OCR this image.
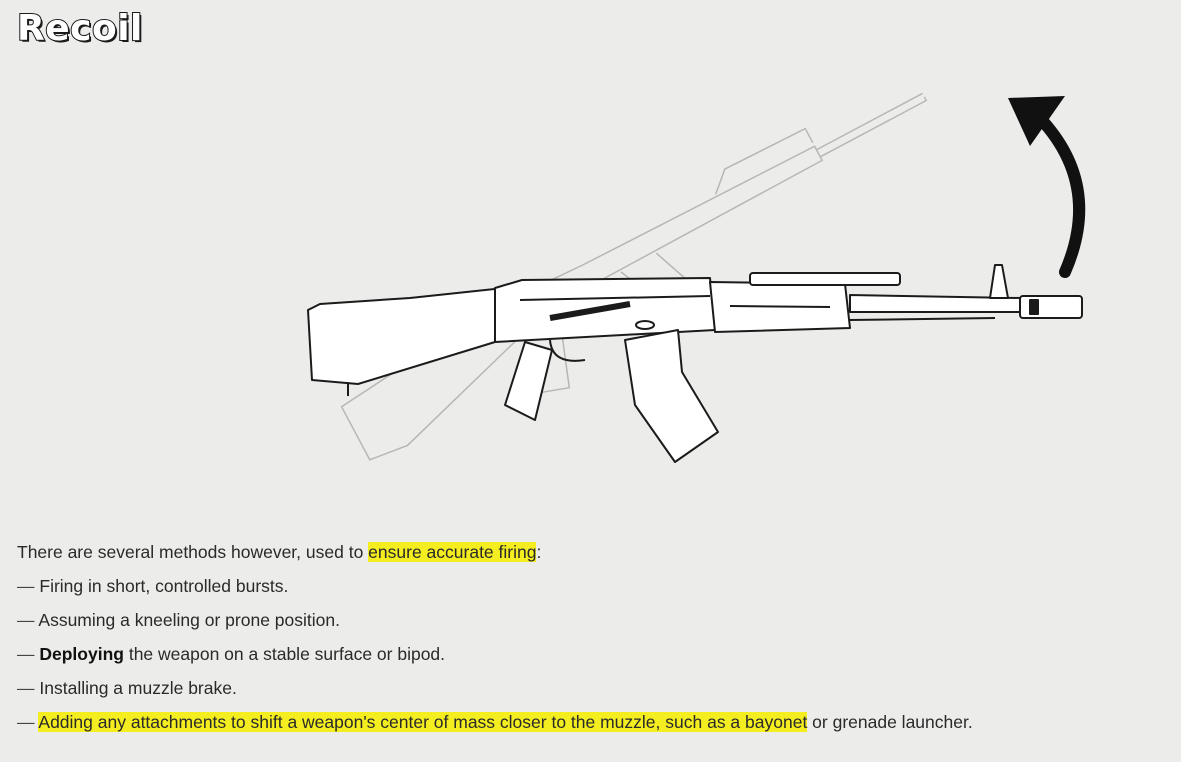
Recoil
There are several methods however, used to ensure accurate firing:
— Firing in short, controlled bursts.
— Assuming a kneeling or prone position.
— Deploying the weapon on a stable surface or bipod.
— Installing a muzzle brake.
— Adding any attachments to shift a weapon's center of mass closer to the muzzle, such as a bayonet or grenade launcher.
